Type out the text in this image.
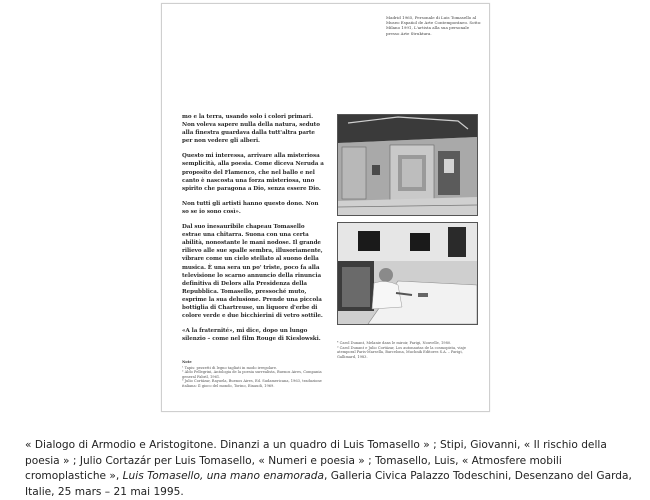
Madrid 1965, Personale di Luis Tomasello al Museo Español de Arte Contemporáneo. Sotto: Milano 1991, L'artista alla sua personale presso Arte Struktura.

mo e la terra, usando solo i colori primari. Non voleva sapere nulla della natura, seduto alla finestra guardava dalla tutt'altra parte per non vedere gli alberi.

Questo mi interessa, arrivare alla misteriosa semplicità, alla poesia. Come diceva Neruda a proposito del Flamenco, che nel ballo e nel canto è nascosta una forza misteriosa, uno spirito che paragona a Dio, senza essere Dio.

Non tutti gli artisti hanno questo dono. Non so se io sono così».

Dal suo inesauribile chapeau Tomasello estrae una chitarra. Suona con una certa abilità, nonostante le mani nodose. Il grande rilievo alle sue spalle sembra, illusoriamente, vibrare come un cielo stellato al suono della musica. È una sera un po' triste, poco fa alla televisione lo scarno annuncio della rinuncia definitiva di Delors alla Presidenza della Repubblica. Tomasello, pressoché muto, esprime la sua delusione. Prende una piccola bottiglia di Chartreuse, un liquore d'erbe di colore verde e due bicchierini di vetro sottile.

«A la fraternité», mi dice, dopo un lungo silenzio – come nel film Rouge di Kieslowski.

Note
¹ Tapis: pezzetti di legno tagliati in modo irregolare.
² Aldo Pellegrini, Antologia de la poesia surrealista, Buenos Aires, Compania general Fabril, 1961.
³ Julio Cortázar, Rayuela, Buenos Aires, Ed. Sudamericana, 1963, traduzione italiana: Il gioco del mondo, Torino, Einaudi, 1969.
⁴ Carol Dunant, Melanie dans le miroir, Parigi, Nouvelle, 1980.
⁵ Carol Dunant e Julio Cortázar, Los autonautas de la cosmopista, viaje atemporal Paris-Marsella, Barcelona, Muchnik Editores S.A. – Parigi, Gallimard, 1983.
« Dialogo di Armodio e Aristogitone. Dinanzi a un quadro di Luis Tomasello » ; Stipi, Giovanni, « Il rischio della poesia » ; Julio Cortazár per Luis Tomasello, « Numeri e poesia » ; Tomasello, Luis, « Atmosfere mobili cromoplastiche », Luis Tomasello, una mano enamorada, Galleria Civica Palazzo Todeschini, Desenzano del Garda, Italie, 25 mars – 21 mai 1995.
